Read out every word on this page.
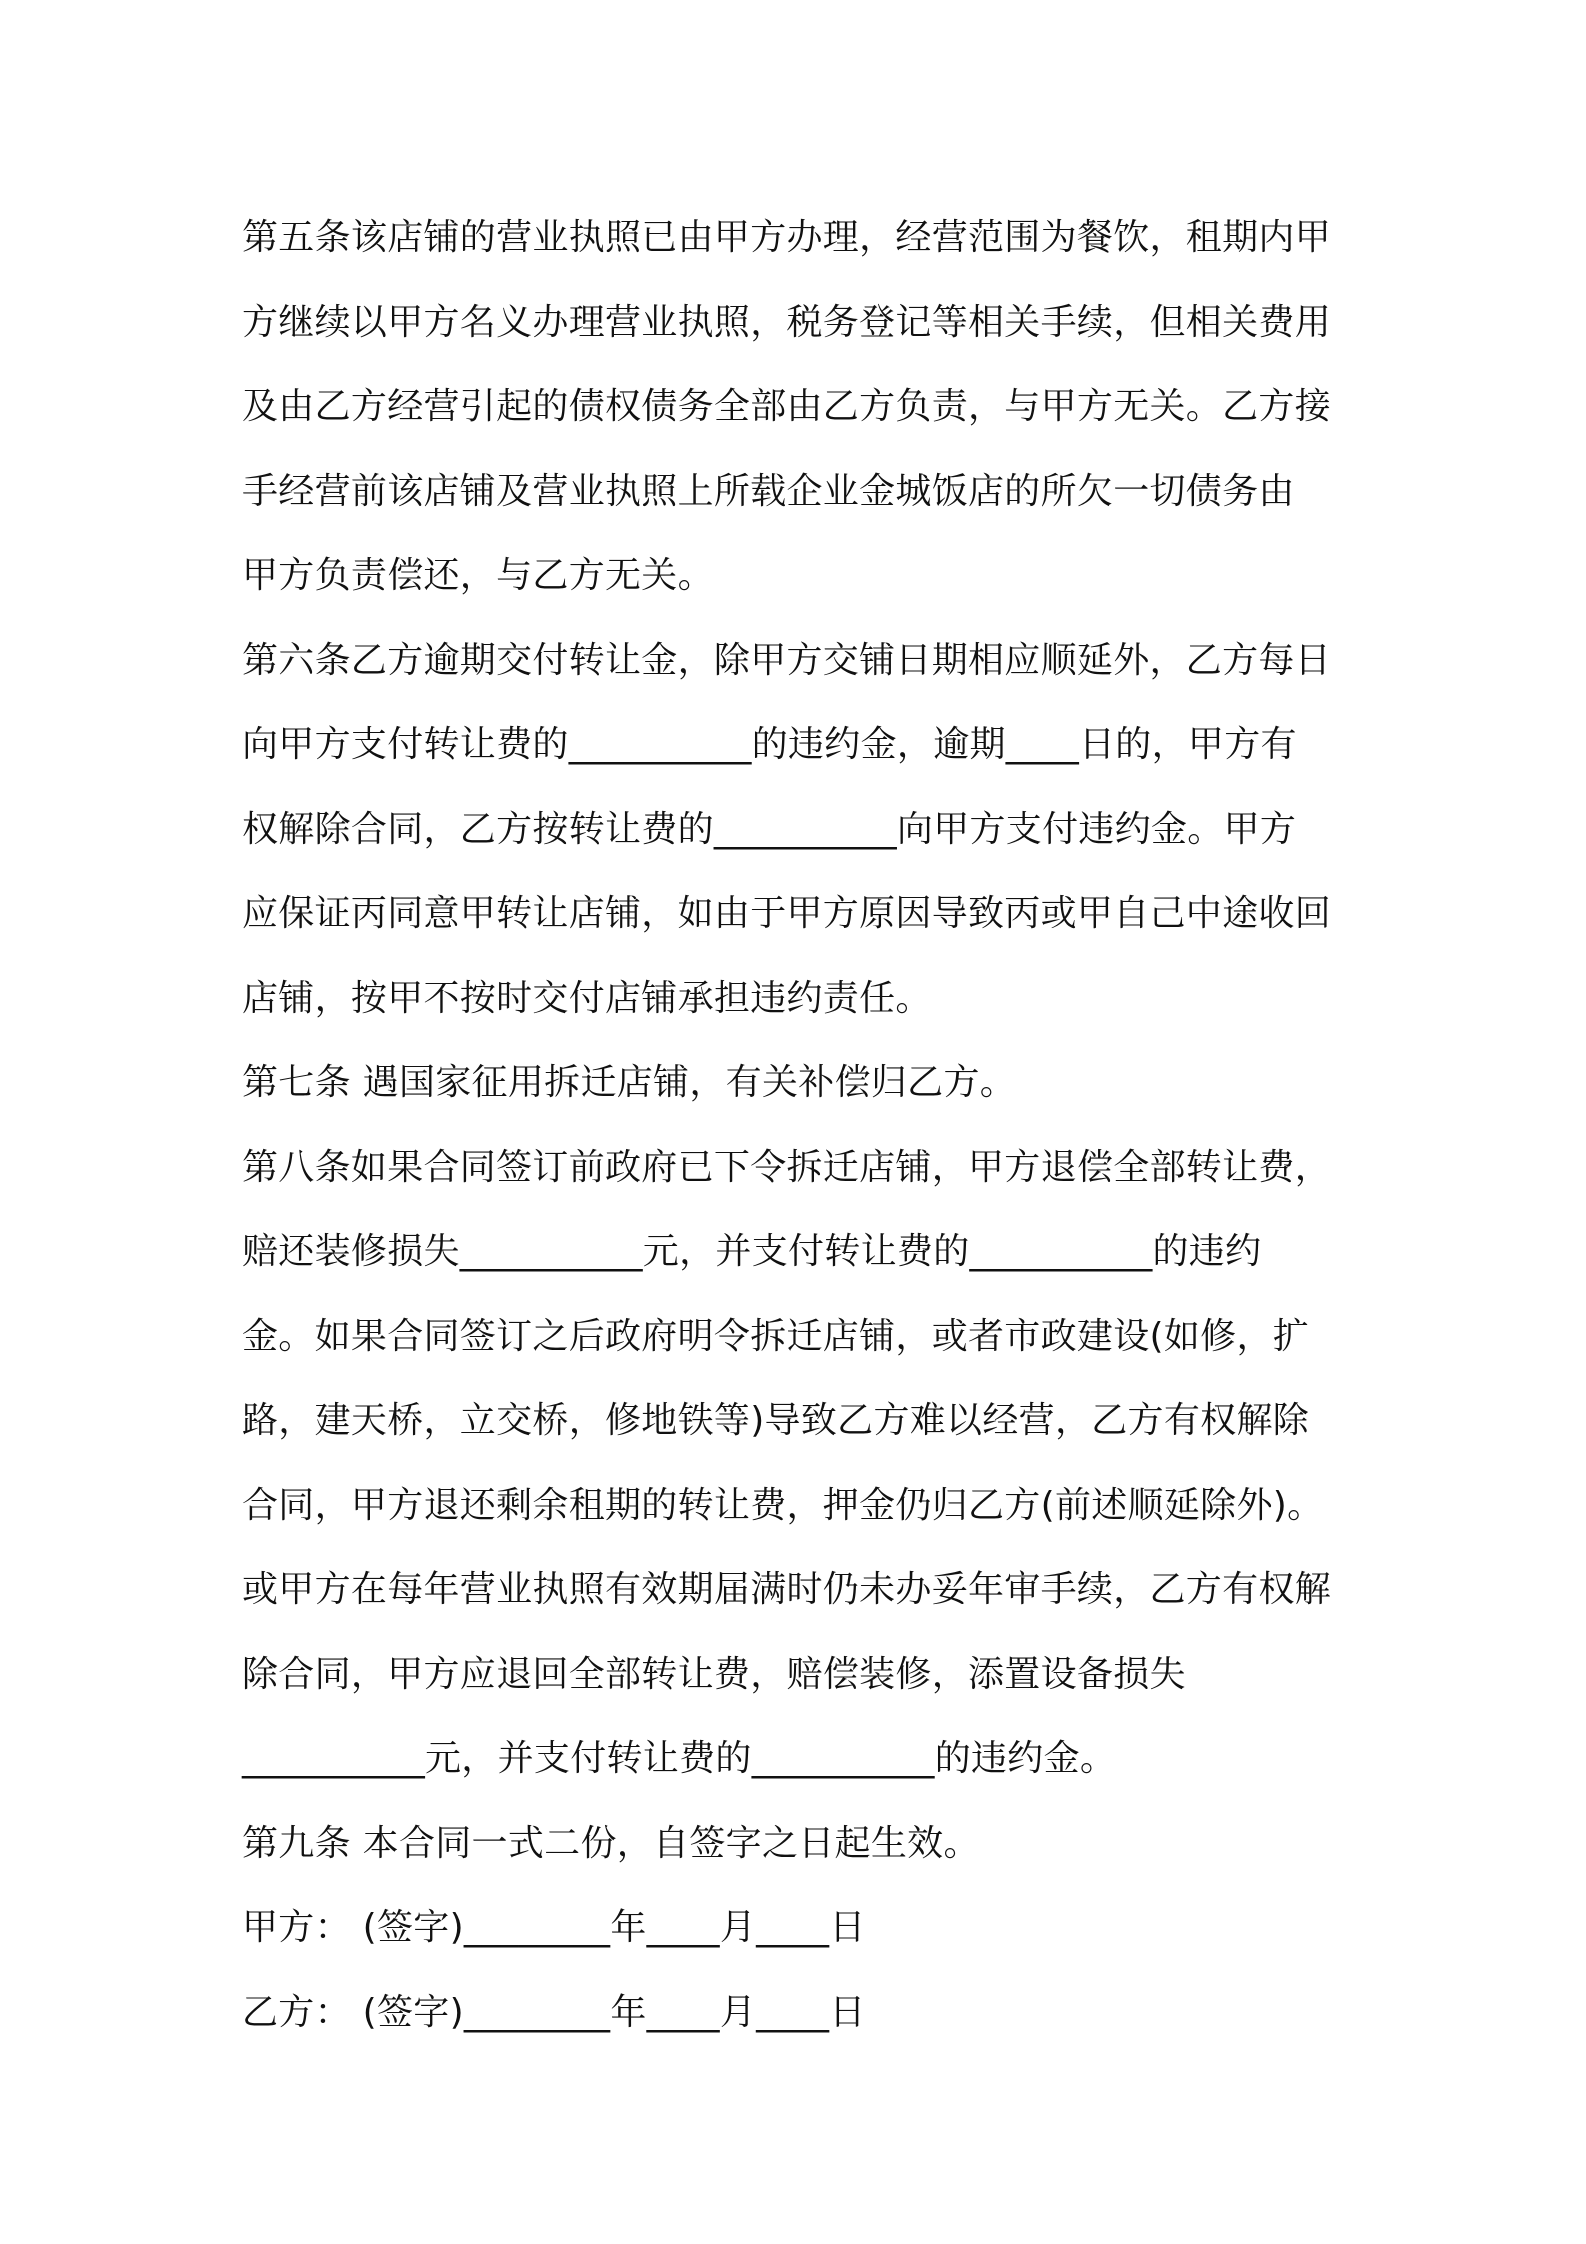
第五条该店铺的营业执照已由甲方办理，经营范围为餐饮，租期内甲
方继续以甲方名义办理营业执照，税务登记等相关手续，但相关费用
及由乙方经营引起的债权债务全部由乙方负责，与甲方无关。乙方接
手经营前该店铺及营业执照上所载企业金城饭店的所欠一切债务由
甲方负责偿还，与乙方无关。
第六条乙方逾期交付转让金，除甲方交铺日期相应顺延外，乙方每日
向甲方支付转让费的__________的违约金，逾期____日的，甲方有
权解除合同，乙方按转让费的__________向甲方支付违约金。甲方
应保证丙同意甲转让店铺，如由于甲方原因导致丙或甲自己中途收回
店铺，按甲不按时交付店铺承担违约责任。
第七条 遇国家征用拆迁店铺，有关补偿归乙方。
第八条如果合同签订前政府已下令拆迁店铺，甲方退偿全部转让费，
赔还装修损失__________元，并支付转让费的__________的违约
金。如果合同签订之后政府明令拆迁店铺，或者市政建设(如修，扩
路，建天桥，立交桥，修地铁等)导致乙方难以经营，乙方有权解除
合同，甲方退还剩余租期的转让费，押金仍归乙方(前述顺延除外)。
或甲方在每年营业执照有效期届满时仍未办妥年审手续，乙方有权解
除合同，甲方应退回全部转让费，赔偿装修，添置设备损失
__________元，并支付转让费的__________的违约金。
第九条 本合同一式二份，自签字之日起生效。
甲方： (签字)________年____月____日
乙方： (签字)________年____月____日
